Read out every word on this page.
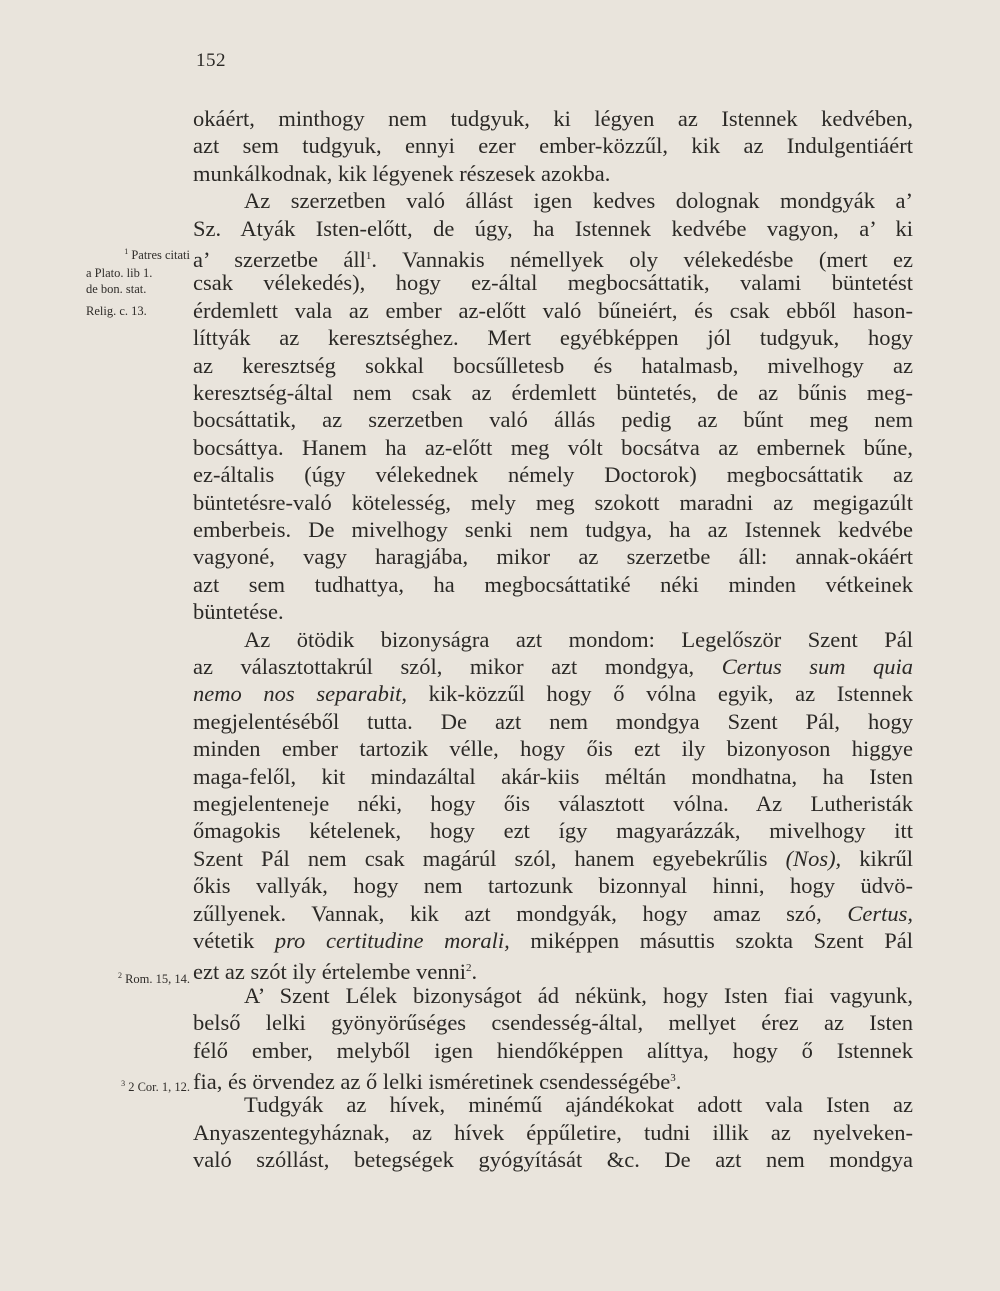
152
okáért, minthogy nem tudgyuk, ki légyen az Istennek kedvében,
azt sem tudgyuk, ennyi ezer ember-közzűl, kik az Indulgentiáért
munkálkodnak, kik légyenek részesek azokba.
Az szerzetben való állást igen kedves dolognak mondgyák a’
Sz. Atyák Isten-előtt, de úgy, ha Istennek kedvébe vagyon, a’ ki
a’ szerzetbe áll$^1$. Vannakis némellyek oly vélekedésbe (mert ez
csak vélekedés), hogy ez-által megbocsáttatik, valami büntetést
érdemlett vala az ember az-előtt való bűneiért, és csak ebből hason-
líttyák az keresztséghez. Mert egyébképpen jól tudgyuk, hogy
az keresztség sokkal bocsűlletesb és hatalmasb, mivelhogy az
keresztség-által nem csak az érdemlett büntetés, de az bűnis meg-
bocsáttatik, az szerzetben való állás pedig az bűnt meg nem
bocsáttya. Hanem ha az-előtt meg vólt bocsátva az embernek bűne,
ez-általis (úgy vélekednek némely Doctorok) megbocsáttatik az
büntetésre-való kötelesség, mely meg szokott maradni az megigazúlt
emberbeis. De mivelhogy senki nem tudgya, ha az Istennek kedvébe
vagyoné, vagy haragjába, mikor az szerzetbe áll: annak-okáért
azt sem tudhattya, ha megbocsáttatiké néki minden vétkeinek
büntetése.
Az ötödik bizonyságra azt mondom: Legelőször Szent Pál
az választottakrúl szól, mikor azt mondgya, Certus sum quia
nemo nos separabit, kik-közzűl hogy ő vólna egyik, az Istennek
megjelentéséből tutta. De azt nem mondgya Szent Pál, hogy
minden ember tartozik vélle, hogy őis ezt ily bizonyoson higgye
maga-felől, kit mindazáltal akár-kiis méltán mondhatna, ha Isten
megjelenteneje néki, hogy őis választott vólna. Az Lutheristák
őmagokis kételenek, hogy ezt így magyarázzák, mivelhogy itt
Szent Pál nem csak magárúl szól, hanem egyebekrűlis (Nos), kikrűl
őkis vallyák, hogy nem tartozunk bizonnyal hinni, hogy üdvö-
zűllyenek. Vannak, kik azt mondgyák, hogy amaz szó, Certus,
vétetik pro certitudine morali, miképpen másuttis szokta Szent Pál
ezt az szót ily értelembe venni$^2$.
A’ Szent Lélek bizonyságot ád nékünk, hogy Isten fiai vagyunk,
belső lelki gyönyörűséges csendesség-által, mellyet érez az Isten
félő ember, melyből igen hiendőképpen alíttya, hogy ő Istennek
fia, és örvendez az ő lelki isméretinek csendességébe$^3$.
Tudgyák az hívek, minémű ajándékokat adott vala Isten az
Anyaszentegyháznak, az hívek éppűletire, tudni illik az nyelveken-
való szóllást, betegségek gyógyítását &c. De azt nem mondgya
$^1$ Patres citati
a Plato. lib 1.
de bon. stat.
Relig. c. 13.
$^2$ Rom. 15, 14.
$^3$ 2 Cor. 1, 12.
